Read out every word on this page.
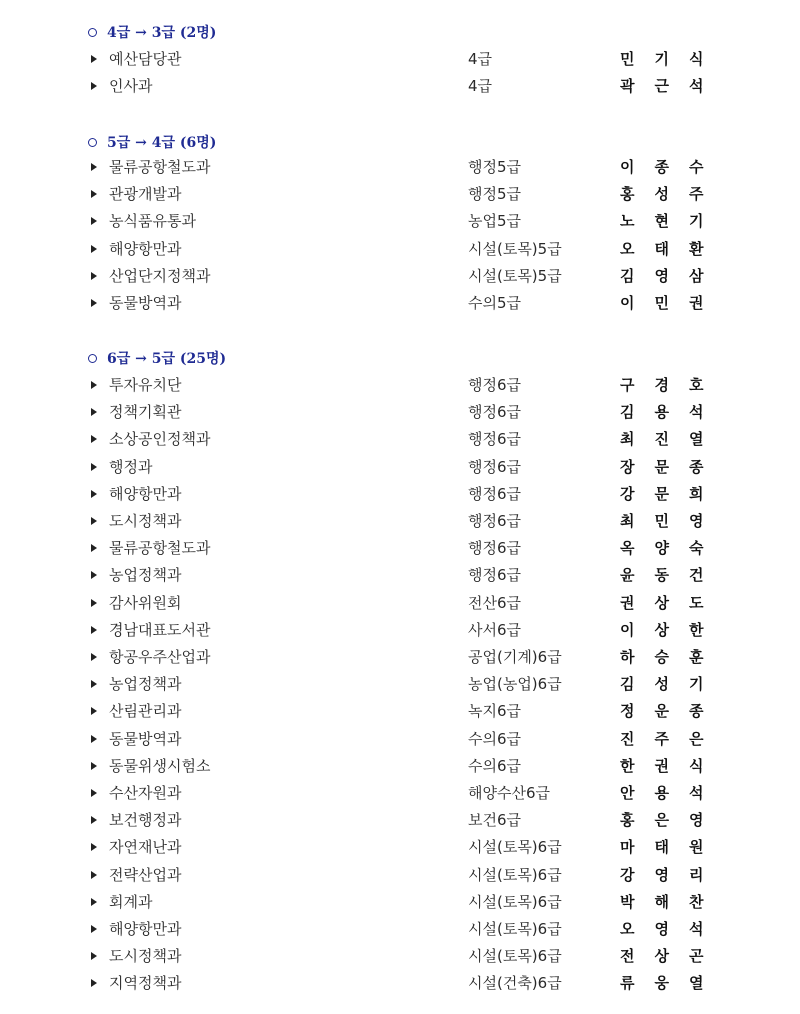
4급 → 3급 (2명)
예산담당관	4급	민기식
인사과	4급	곽근석
5급 → 4급 (6명)
물류공항철도과	행정5급	이종수
관광개발과	행정5급	홍성주
농식품유통과	농업5급	노현기
해양항만과	시설(토목)5급	오태환
산업단지정책과	시설(토목)5급	김영삼
동물방역과	수의5급	이민권
6급 → 5급 (25명)
투자유치단	행정6급	구경호
정책기획관	행정6급	김용석
소상공인정책과	행정6급	최진열
행정과	행정6급	장문종
해양항만과	행정6급	강문희
도시정책과	행정6급	최민영
물류공항철도과	행정6급	옥양숙
농업정책과	행정6급	윤동건
감사위원회	전산6급	권상도
경남대표도서관	사서6급	이상한
항공우주산업과	공업(기계)6급	하승훈
농업정책과	농업(농업)6급	김성기
산림관리과	녹지6급	정운종
동물방역과	수의6급	진주은
동물위생시험소	수의6급	한권식
수산자원과	해양수산6급	안용석
보건행정과	보건6급	홍은영
자연재난과	시설(토목)6급	마태원
전략산업과	시설(토목)6급	강영리
회계과	시설(토목)6급	박해찬
해양항만과	시설(토목)6급	오영석
도시정책과	시설(토목)6급	전상곤
지역정책과	시설(건축)6급	류웅열
